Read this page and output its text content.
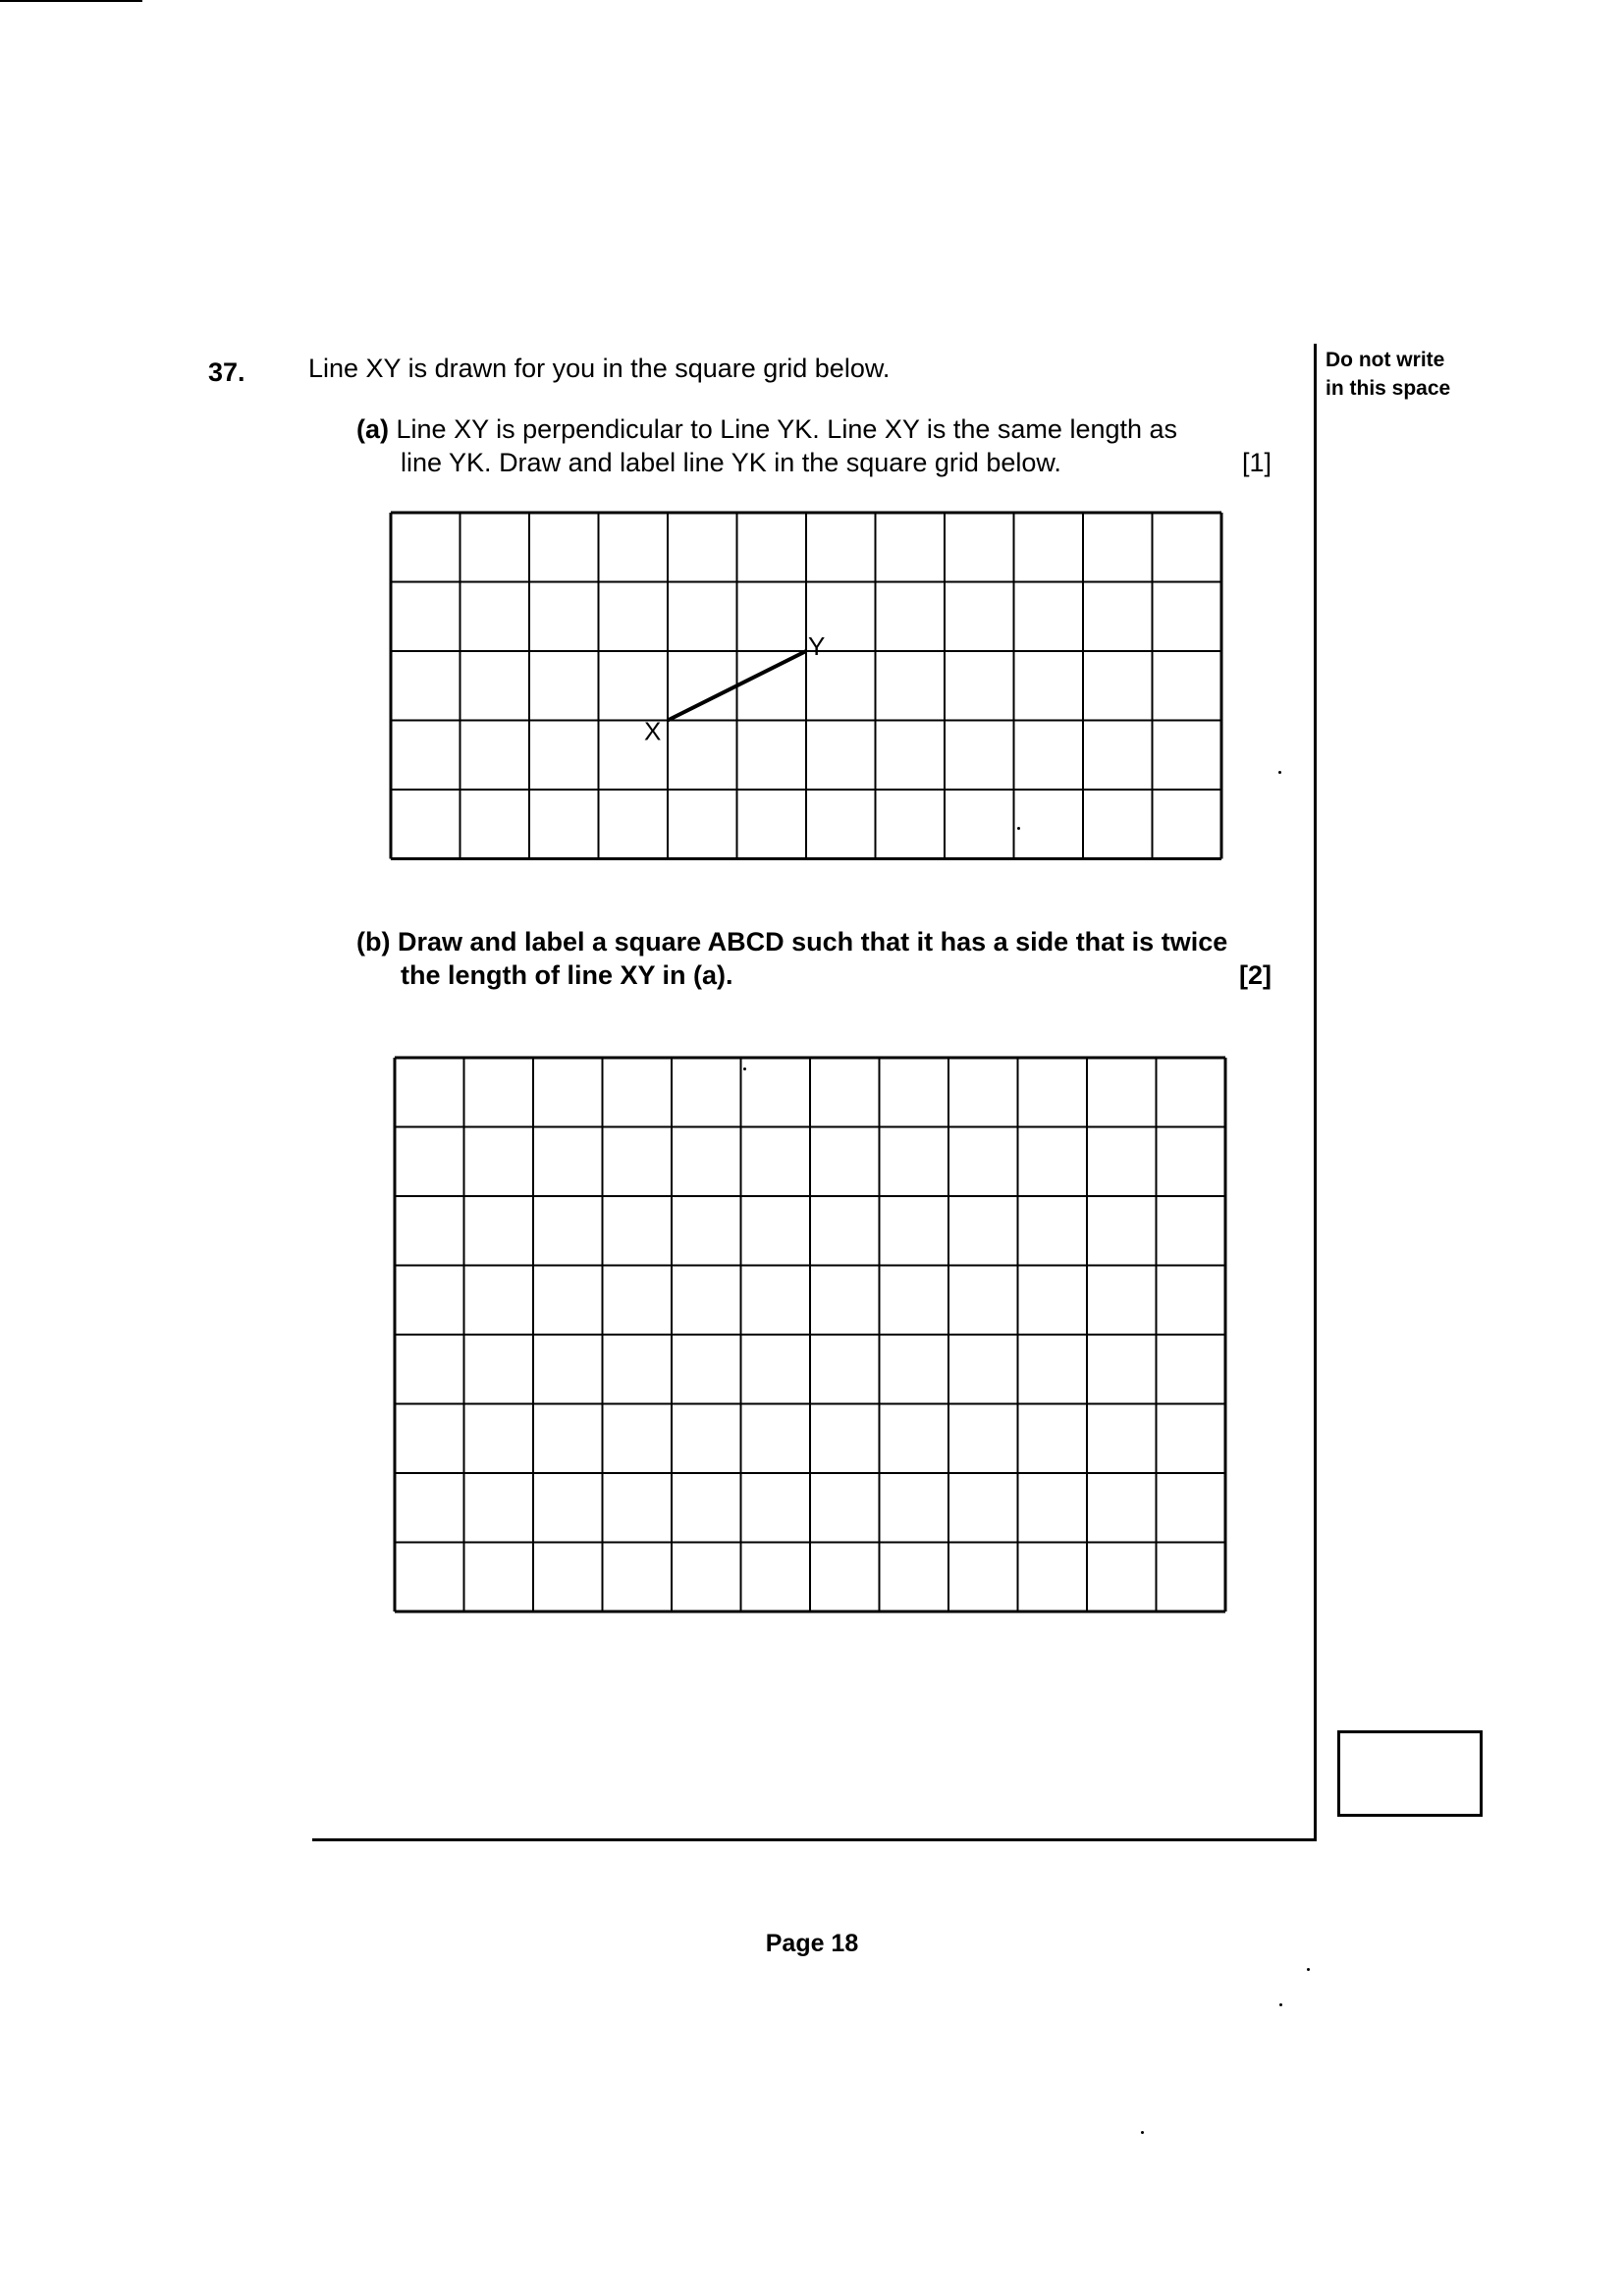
37. Line XY is drawn for you in the square grid below.
(a) Line XY is perpendicular to Line YK. Line XY is the same length as
line YK. Draw and label line YK in the square grid below.	[1]
X
Y
(b) Draw and label a square ABCD such that it has a side that is twice
the length of line XY in (a).	[2]
Do not write
in this space
Page 18
